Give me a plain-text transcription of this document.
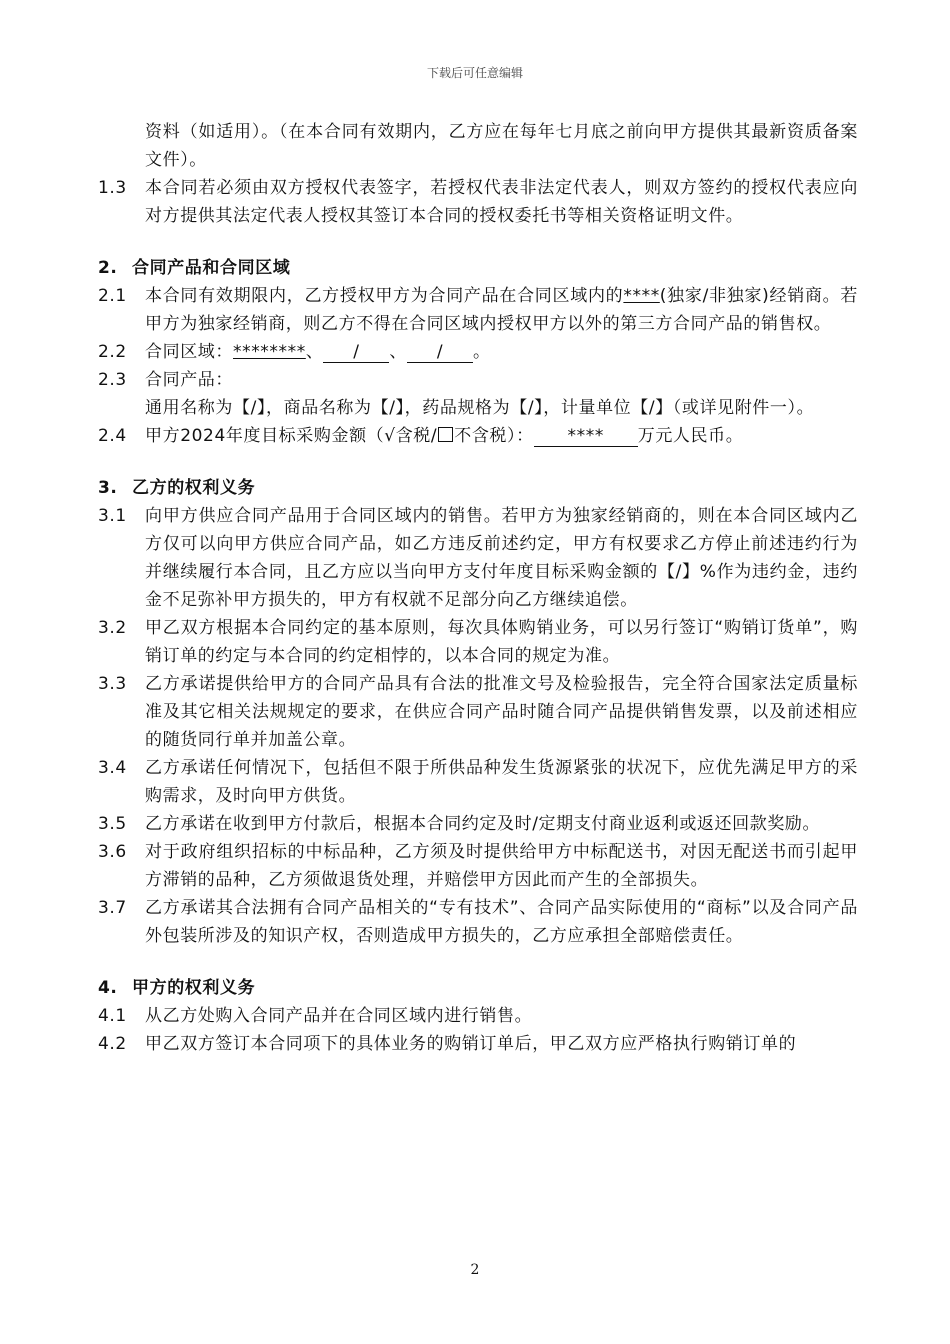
下载后可任意编辑
资料（如适用）。（在本合同有效期内，乙方应在每年七月底之前向甲方提供其最新资质备案文件）。
1.3	本合同若必须由双方授权代表签字，若授权代表非法定代表人，则双方签约的授权代表应向对方提供其法定代表人授权其签订本合同的授权委托书等相关资格证明文件。
2. 合同产品和合同区域
2.1	本合同有效期限内，乙方授权甲方为合同产品在合同区域内的****(独家/非独家)经销商。若甲方为独家经销商，则乙方不得在合同区域内授权甲方以外的第三方合同产品的销售权。
2.2	合同区域：********、 / 、 / 。
2.3	合同产品：
通用名称为【/】，商品名称为【/】，药品规格为【/】，计量单位【/】（或详见附件一）。
2.4	甲方2024年度目标采购金额（√含税/ 不含税）： **** 万元人民币。
3. 乙方的权利义务
3.1	向甲方供应合同产品用于合同区域内的销售。若甲方为独家经销商的，则在本合同区域内乙方仅可以向甲方供应合同产品，如乙方违反前述约定，甲方有权要求乙方停止前述违约行为并继续履行本合同，且乙方应以当向甲方支付年度目标采购金额的【/】%作为违约金，违约金不足弥补甲方损失的，甲方有权就不足部分向乙方继续追偿。
3.2	甲乙双方根据本合同约定的基本原则，每次具体购销业务，可以另行签订“购销订货单”，购销订单的约定与本合同的约定相悖的，以本合同的规定为准。
3.3	乙方承诺提供给甲方的合同产品具有合法的批准文号及检验报告，完全符合国家法定质量标准及其它相关法规规定的要求，在供应合同产品时随合同产品提供销售发票，以及前述相应的随货同行单并加盖公章。
3.4	乙方承诺任何情况下，包括但不限于所供品种发生货源紧张的状况下，应优先满足甲方的采购需求，及时向甲方供货。
3.5	乙方承诺在收到甲方付款后，根据本合同约定及时/定期支付商业返利或返还回款奖励。
3.6	对于政府组织招标的中标品种，乙方须及时提供给甲方中标配送书，对因无配送书而引起甲方滞销的品种，乙方须做退货处理，并赔偿甲方因此而产生的全部损失。
3.7	乙方承诺其合法拥有合同产品相关的“专有技术”、合同产品实际使用的“商标”以及合同产品外包装所涉及的知识产权，否则造成甲方损失的，乙方应承担全部赔偿责任。
4. 甲方的权利义务
4.1	从乙方处购入合同产品并在合同区域内进行销售。
4.2	甲乙双方签订本合同项下的具体业务的购销订单后，甲乙双方应严格执行购销订单的
2
